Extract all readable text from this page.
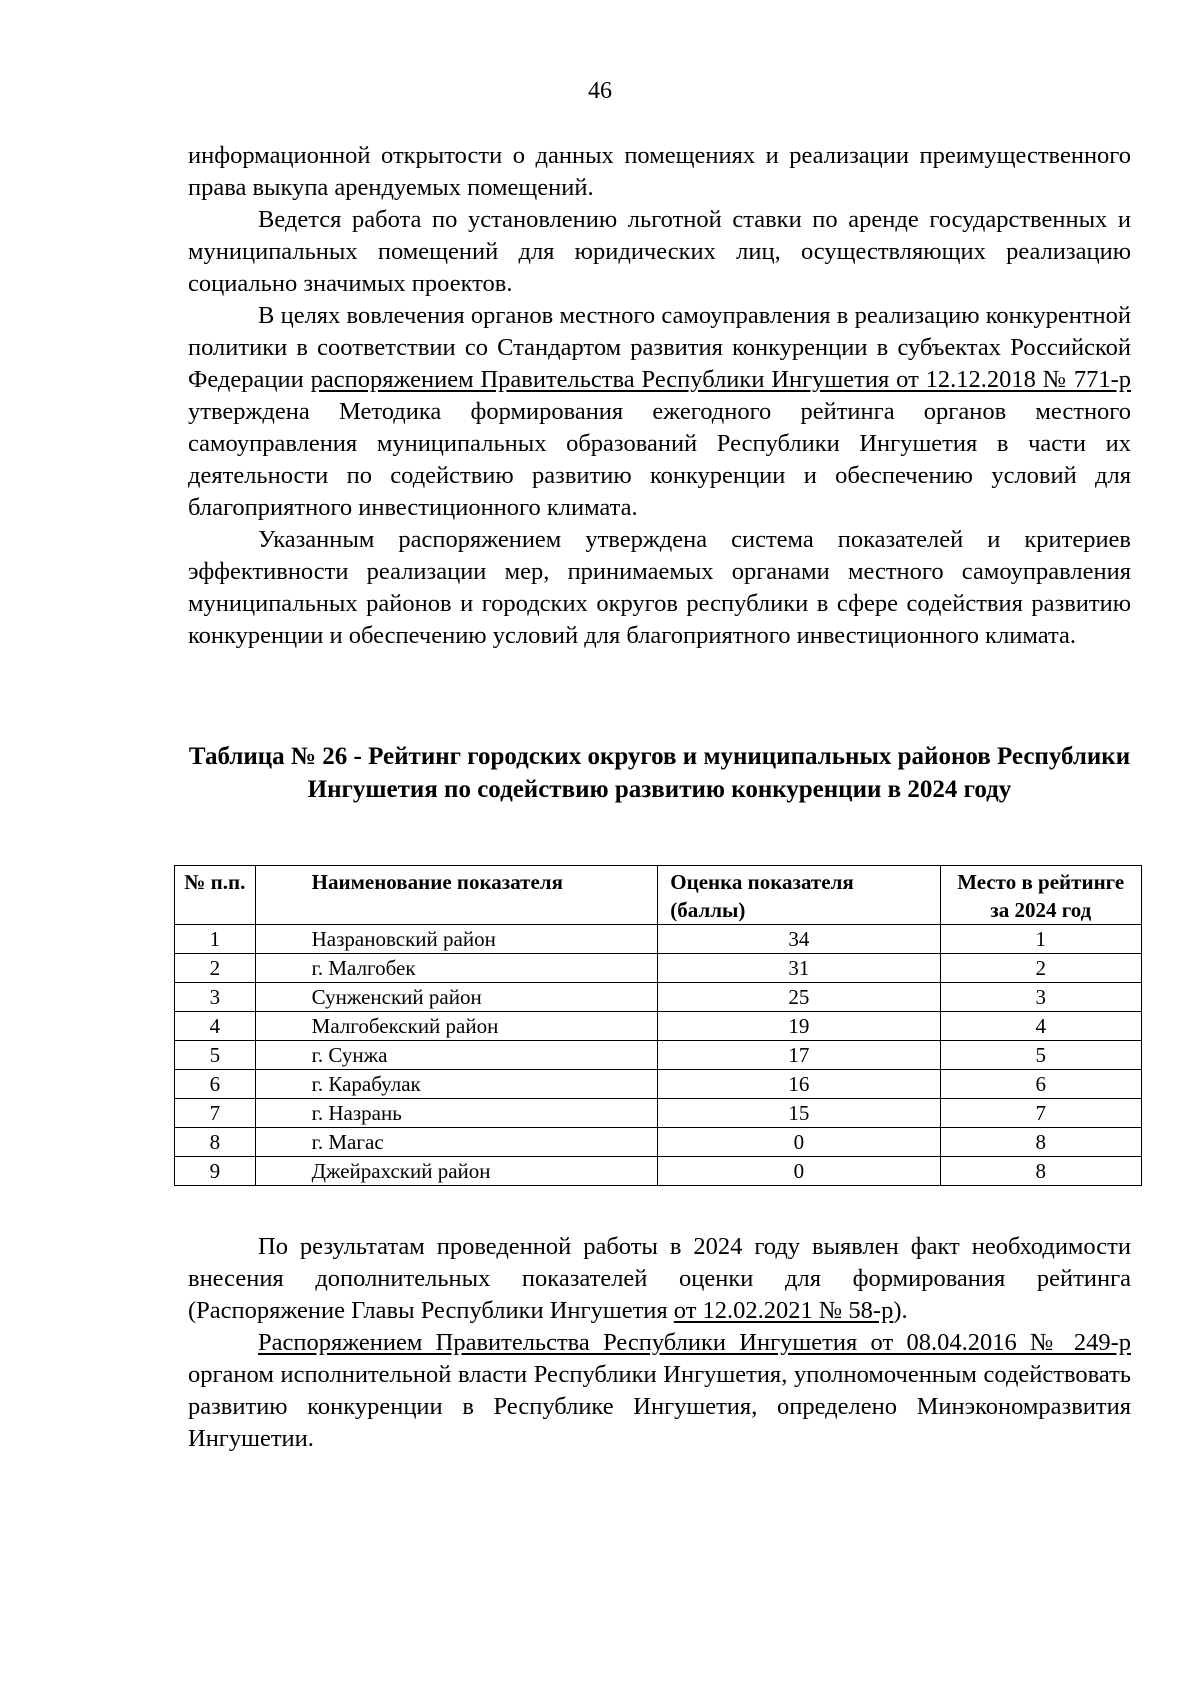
46

информационной открытости о данных помещениях и реализации преимущественного права выкупа арендуемых помещений.

Ведется работа по установлению льготной ставки по аренде государственных и муниципальных помещений для юридических лиц, осуществляющих реализацию социально значимых проектов.

В целях вовлечения органов местного самоуправления в реализацию конкурентной политики в соответствии со Стандартом развития конкуренции в субъектах Российской Федерации распоряжением Правительства Республики Ингушетия от 12.12.2018 № 771-р утверждена Методика формирования ежегодного рейтинга органов местного самоуправления муниципальных образований Республики Ингушетия в части их деятельности по содействию развитию конкуренции и обеспечению условий для благоприятного инвестиционного климата.

Указанным распоряжением утверждена система показателей и критериев эффективности реализации мер, принимаемых органами местного самоуправления муниципальных районов и городских округов республики в сфере содействия развитию конкуренции и обеспечению условий для благоприятного инвестиционного климата.

Таблица № 26 - Рейтинг городских округов и муниципальных районов Республики Ингушетия по содействию развитию конкуренции в 2024 году
№ п.п.	Наименование показателя	Оценка показателя (баллы)	Место в рейтинге за 2024 год
1	Назрановский район	34	1
2	г. Малгобек	31	2
3	Сунженский район	25	3
4	Малгобекский район	19	4
5	г. Сунжа	17	5
6	г. Карабулак	16	6
7	г. Назрань	15	7
8	г. Магас	0	8
9	Джейрахский район	0	8

По результатам проведенной работы в 2024 году выявлен факт необходимости внесения дополнительных показателей оценки для формирования рейтинга (Распоряжение Главы Республики Ингушетия от 12.02.2021 № 58-р).

Распоряжением Правительства Республики Ингушетия от 08.04.2016 № 249-р органом исполнительной власти Республики Ингушетия, уполномоченным содействовать развитию конкуренции в Республике Ингушетия, определено Минэкономразвития Ингушетии.
